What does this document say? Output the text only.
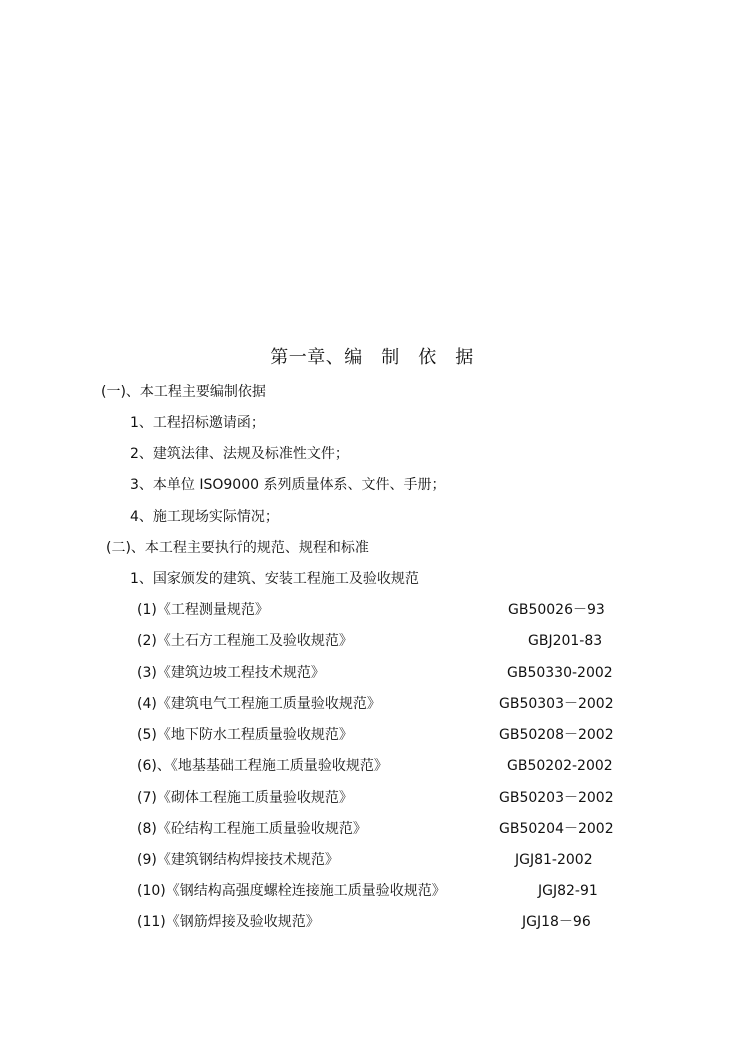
第一章、编　制　依　据
(一)、本工程主要编制依据
1、工程招标邀请函；
2、建筑法律、法规及标准性文件；
3、本单位 ISO9000 系列质量体系、文件、手册；
4、施工现场实际情况；
(二)、本工程主要执行的规范、规程和标准
1、国家颁发的建筑、安装工程施工及验收规范
(1)《工程测量规范》	GB50026－93
(2)《土石方工程施工及验收规范》	GBJ201-83
(3)《建筑边坡工程技术规范》	GB50330-2002
(4)《建筑电气工程施工质量验收规范》	GB50303－2002
(5)《地下防水工程质量验收规范》	GB50208－2002
(6)、《地基基础工程施工质量验收规范》	GB50202-2002
(7)《砌体工程施工质量验收规范》	GB50203－2002
(8)《砼结构工程施工质量验收规范》	GB50204－2002
(9)《建筑钢结构焊接技术规范》	JGJ81-2002
(10)《钢结构高强度螺栓连接施工质量验收规范》	JGJ82-91
(11)《钢筋焊接及验收规范》	JGJ18－96
